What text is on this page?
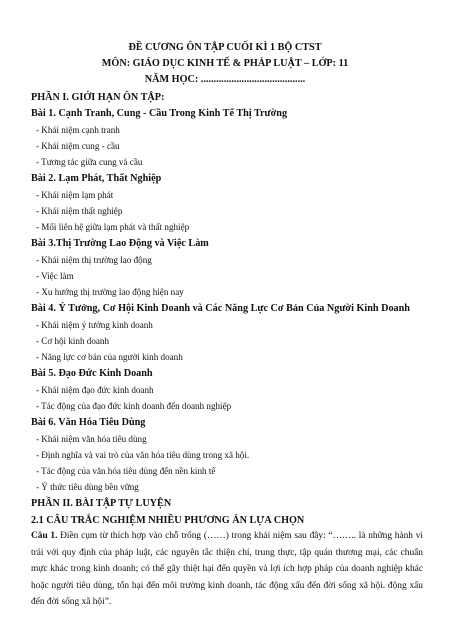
ĐỀ CƯƠNG ÔN TẬP CUỐI KÌ 1 BỘ CTST
MÔN: GIÁO DỤC KINH TẾ & PHÁP LUẬT – LỚP: 11
NĂM HỌC: .........................................
PHẦN I. GIỚI HẠN ÔN TẬP:
Bài 1. Cạnh Tranh, Cung - Cầu Trong Kinh Tế Thị Trường
- Khái niệm cạnh tranh
- Khái niệm cung - cầu
- Tương tác giữa cung và cầu
Bài 2. Lạm Phát, Thất Nghiệp
- Khái niệm lạm phát
- Khái niệm thất nghiệp
- Mối liên hệ giữa lạm phát và thất nghiệp
Bài 3.Thị Trường Lao Động và Việc Làm
- Khái niệm thị trường lao động
- Việc làm
- Xu hướng thị trường lao động hiện nay
Bài 4. Ý Tưởng, Cơ Hội Kinh Doanh và Các Năng Lực Cơ Bản Của Người Kinh Doanh
- Khái niệm ý tưởng kinh doanh
- Cơ hội kinh doanh
- Năng lực cơ bản của người kinh doanh
Bài 5. Đạo Đức Kinh Doanh
- Khái niệm đạo đức kinh doanh
- Tác động của đạo đức kinh doanh đến doanh nghiệp
Bài 6. Văn Hóa Tiêu Dùng
- Khái niệm văn hóa tiêu dùng
- Định nghĩa và vai trò của văn hóa tiêu dùng trong xã hội.
- Tác động của văn hóa tiêu dùng đến nền kinh tế
- Ý thức tiêu dùng bền vững
PHẦN II. BÀI TẬP TỰ LUYỆN
2.1 CÂU TRẮC NGHIỆM NHIỀU PHƯƠNG ÁN LỰA CHỌN
Câu 1. Điền cụm từ thích hợp vào chỗ trống (……) trong khái niệm sau đây: “…….. là những hành vi trái với quy định của pháp luật, các nguyên tắc thiện chí, trung thực, tập quán thương mại, các chuẩn mực khác trong kinh doanh; có thể gây thiệt hại đến quyền và lợi ích hợp pháp của doanh nghiệp khác hoặc người tiêu dùng, tổn hại đến môi trường kinh doanh, tác động xấu đến đời sống xã hội. động xấu đến đời sống xã hội”.
